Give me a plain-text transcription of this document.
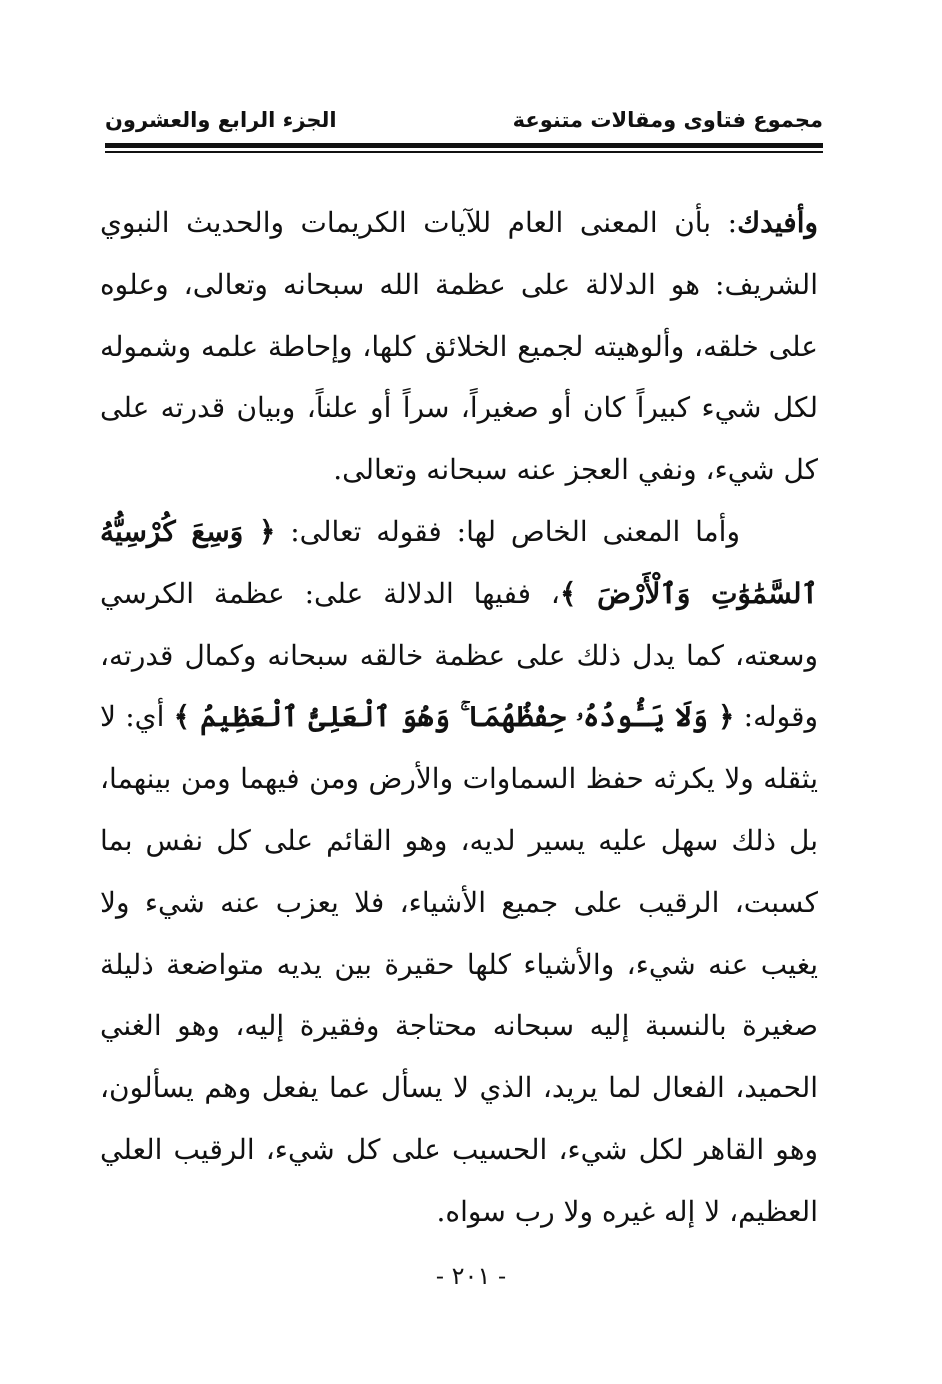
مجموع فتاوى ومقالات متنوعة
الجزء الرابع والعشرون

وأفيدك: بأن المعنى العام للآيات الكريمات والحديث النبوي الشريف: هو الدلالة على عظمة الله سبحانه وتعالى، وعلوه على خلقه، وألوهيته لجميع الخلائق كلها، وإحاطة علمه وشموله لكل شيء كبيراً كان أو صغيراً، سراً أو علناً، وبيان قدرته على كل شيء، ونفي العجز عنه سبحانه وتعالى.

وأما المعنى الخاص لها: فقوله تعالى: ﴿ وَسِعَ كُرْسِيُّهُ ٱلسَّمَٰوَٰتِ وَٱلْأَرْضَ ﴾، ففيها الدلالة على: عظمة الكرسي وسعته، كما يدل ذلك على عظمة خالقه سبحانه وكمال قدرته، وقوله: ﴿ وَلَا يَـُٔودُهُۥ حِفْظُهُمَا ۚ وَهُوَ ٱلْعَلِىُّ ٱلْعَظِيمُ ﴾ أي: لا يثقله ولا يكرثه حفظ السماوات والأرض ومن فيهما ومن بينهما، بل ذلك سهل عليه يسير لديه، وهو القائم على كل نفس بما كسبت، الرقيب على جميع الأشياء، فلا يعزب عنه شيء ولا يغيب عنه شيء، والأشياء كلها حقيرة بين يديه متواضعة ذليلة صغيرة بالنسبة إليه سبحانه محتاجة وفقيرة إليه، وهو الغني الحميد، الفعال لما يريد، الذي لا يسأل عما يفعل وهم يسألون، وهو القاهر لكل شيء، الحسيب على كل شيء، الرقيب العلي العظيم، لا إله غيره ولا رب سواه.

- ٢٠١ -
